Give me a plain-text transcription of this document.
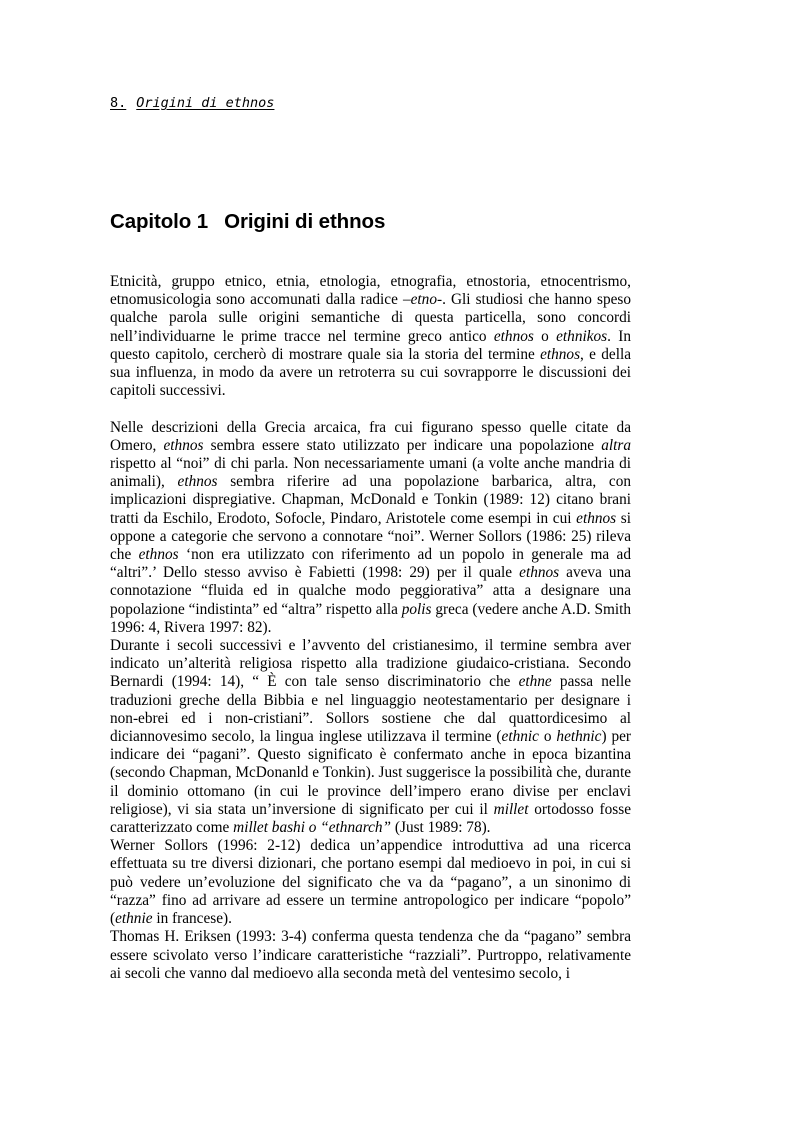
8. Origini di ethnos
Capitolo 1 Origini di ethnos

Etnicità, gruppo etnico, etnia, etnologia, etnografia, etnostoria, etnocentrismo, etnomusicologia sono accomunati dalla radice –etno-. Gli studiosi che hanno speso qualche parola sulle origini semantiche di questa particella, sono concordi nell’individuarne le prime tracce nel termine greco antico ethnos o ethnikos. In questo capitolo, cercherò di mostrare quale sia la storia del termine ethnos, e della sua influenza, in modo da avere un retroterra su cui sovrapporre le discussioni dei capitoli successivi.

Nelle descrizioni della Grecia arcaica, fra cui figurano spesso quelle citate da Omero, ethnos sembra essere stato utilizzato per indicare una popolazione altra rispetto al “noi” di chi parla. Non necessariamente umani (a volte anche mandria di animali), ethnos sembra riferire ad una popolazione barbarica, altra, con implicazioni dispregiative. Chapman, McDonald e Tonkin (1989: 12) citano brani tratti da Eschilo, Erodoto, Sofocle, Pindaro, Aristotele come esempi in cui ethnos si oppone a categorie che servono a connotare “noi”. Werner Sollors (1986: 25) rileva che ethnos ‘non era utilizzato con riferimento ad un popolo in generale ma ad “altri”.’ Dello stesso avviso è Fabietti (1998: 29) per il quale ethnos aveva una connotazione “fluida ed in qualche modo peggiorativa” atta a designare una popolazione “indistinta” ed “altra” rispetto alla polis greca (vedere anche A.D. Smith 1996: 4, Rivera 1997: 82).

Durante i secoli successivi e l’avvento del cristianesimo, il termine sembra aver indicato un’alterità religiosa rispetto alla tradizione giudaico-cristiana. Secondo Bernardi (1994: 14), “ È con tale senso discriminatorio che ethne passa nelle traduzioni greche della Bibbia e nel linguaggio neotestamentario per designare i non-ebrei ed i non-cristiani”. Sollors sostiene che dal quattordicesimo al diciannovesimo secolo, la lingua inglese utilizzava il termine (ethnic o hethnic) per indicare dei “pagani”. Questo significato è confermato anche in epoca bizantina (secondo Chapman, McDonanld e Tonkin). Just suggerisce la possibilità che, durante il dominio ottomano (in cui le province dell’impero erano divise per enclavi religiose), vi sia stata un’inversione di significato per cui il millet ortodosso fosse caratterizzato come millet bashi o “ethnarch” (Just 1989: 78).

Werner Sollors (1996: 2-12) dedica un’appendice introduttiva ad una ricerca effettuata su tre diversi dizionari, che portano esempi dal medioevo in poi, in cui si può vedere un’evoluzione del significato che va da “pagano”, a un sinonimo di “razza” fino ad arrivare ad essere un termine antropologico per indicare “popolo” (ethnie in francese).

Thomas H. Eriksen (1993: 3-4) conferma questa tendenza che da “pagano” sembra essere scivolato verso l’indicare caratteristiche “razziali”. Purtroppo, relativamente ai secoli che vanno dal medioevo alla seconda metà del ventesimo secolo, i
